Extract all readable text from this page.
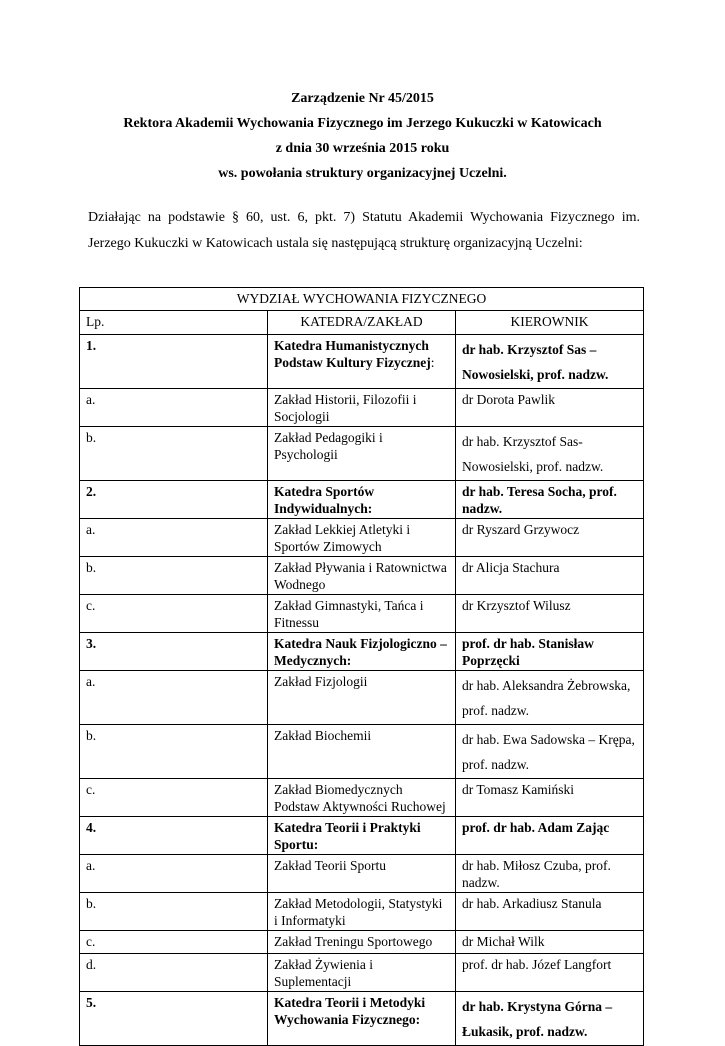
Zarządzenie Nr 45/2015
Rektora Akademii Wychowania Fizycznego im Jerzego Kukuczki w Katowicach
z dnia 30 września 2015 roku
ws. powołania struktury organizacyjnej Uczelni.
Działając na podstawie § 60, ust. 6, pkt. 7) Statutu Akademii Wychowania Fizycznego im. Jerzego Kukuczki w Katowicach ustala się następującą strukturę organizacyjną Uczelni:
WYDZIAŁ WYCHOWANIA FIZYCZNEGO		
Lp.	KATEDRA/ZAKŁAD	KIEROWNIK
1.	Katedra Humanistycznych Podstaw Kultury Fizycznej:	dr hab. Krzysztof Sas – Nowosielski, prof. nadzw.
a.	Zakład Historii, Filozofii i Socjologii	dr Dorota Pawlik
b.	Zakład Pedagogiki i Psychologii	dr hab. Krzysztof Sas-Nowosielski, prof. nadzw.
2.	Katedra Sportów Indywidualnych:	dr hab. Teresa Socha, prof. nadzw.
a.	Zakład Lekkiej Atletyki i Sportów Zimowych	dr Ryszard Grzywocz
b.	Zakład Pływania i Ratownictwa Wodnego	dr Alicja Stachura
c.	Zakład Gimnastyki, Tańca i Fitnessu	dr Krzysztof Wilusz
3.	Katedra Nauk Fizjologiczno – Medycznych:	prof. dr hab. Stanisław Poprzęcki
a.	Zakład Fizjologii	dr hab. Aleksandra Żebrowska, prof. nadzw.
b.	Zakład Biochemii	dr hab. Ewa Sadowska – Krępa, prof. nadzw.
c.	Zakład Biomedycznych Podstaw Aktywności Ruchowej	dr Tomasz Kamiński
4.	Katedra Teorii i Praktyki Sportu:	prof. dr hab. Adam Zając
a.	Zakład Teorii Sportu	dr hab. Miłosz Czuba, prof. nadzw.
b.	Zakład Metodologii, Statystyki i Informatyki	dr hab. Arkadiusz Stanula
c.	Zakład Treningu Sportowego	dr Michał Wilk
d.	Zakład Żywienia i Suplementacji	prof. dr hab. Józef Langfort
5.	Katedra Teorii i Metodyki Wychowania Fizycznego:	dr hab. Krystyna Górna – Łukasik, prof. nadzw.
